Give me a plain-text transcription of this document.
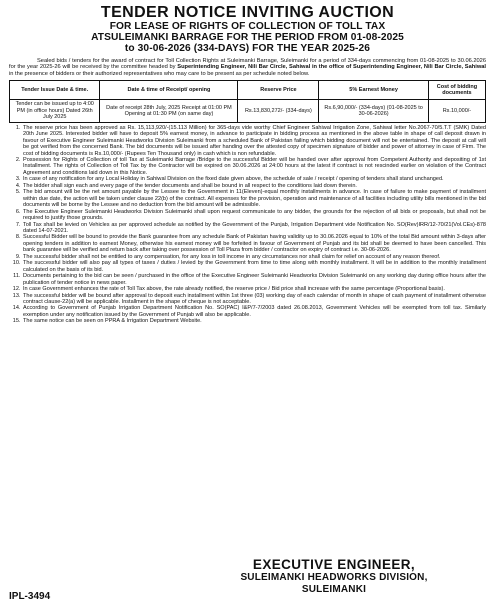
TENDER NOTICE INVITING AUCTION
FOR LEASE OF RIGHTS OF COLLECTION OF TOLL TAX
ATSULEIMANKI BARRAGE FOR THE PERIOD FROM 01-08-2025
to 30-06-2026 (334-DAYS) FOR THE YEAR 2025-26
Sealed bids / tenders for the award of contract for Toll Collection Rights at Suleimanki Barrage, Suleimanki for a period of 334-days commencing from 01-08-2025 to 30.06.2026 for the year 2025-26 will be received by the committee headed by Superintending Engineer, Nili Bar Circle, Sahiwal in the office of Superintending Engineer, Nili Bar Circle, Sahiwal in the presence of bidders or their authorized representatives who may care to be present as per schedule noted below.
Tender Issue Date & time.	Date & time of Receipt/ opening	Reserve Price	5% Earnest Money	Cost of bidding documents
Tender can be issued up to 4:00 PM (in office hours) Dated 26th July 2025	Date of receipt 28th July, 2025 Receipt at 01:00 PM Opening at 01:30 PM (on same day)	Rs.13,830,272/- (334-days)	Rs.6,90,000/- (334-days) (01-08-2025 to 30-06-2026)	Rs.10,000/-
1. The reserve price has been approved as Rs. 15,113,920/-(15.113 Million) for 365-days vide worthy Chief Engineer Sahiwal Irrigation Zone, Sahiwal letter No.2067-70/5.T.T (SMK) Dated 20th June 2025. Interested bidder will have to deposit 5% earnest money, in advance to participate in bidding process as mentioned in the above table in shape of call deposit drawn in favour of Executive Engineer Suleimanki Headworks Division Suleimanki from a scheduled Bank of Pakistan failing which bidding document will not be entertained. The deposit at call will be got verified from the concerned Bank. The bid documents will be issued after handing over the attested copy of specimen signature of bidder and power of attorney in case of Firm. The cost of bidding documents is Rs.10,000/- (Rupees Ten Thousand only) in cash which is non refundable.
2. Possession for Rights of Collection of toll Tax at Suleimanki Barrage /Bridge to the successful Bidder will be handed over after approval from Competent Authority and depositing of 1st Installment. The rights of Collection of Toll Tax by the Contractor will be expired on 30.06.2026 at 24:00 hours at the latest if contract is not rescinded earlier on violation of the Contract Agreement and conditions laid down in this Notice.
3. In case of any notification for any Local Holiday in Sahiwal Division on the fixed date given above, the schedule of sale / receipt / opening of tenders shall stand unchanged.
4. The bidder shall sign each and every page of the tender documents and shall be bound in all respect to the conditions laid down therein.
5. The bid amount will be the net amount payable by the Lessee to the Government in 11(Eleven)-equal monthly installments in advance. In case of failure to make payment of installment within due date, the action will be taken under clause 22(b) of the contract. All expenses for the provision, operation and maintenance of all facilities including utility bills mentioned in the bid documents will be borne by the Lessee and no deduction from the bid amount will be admissible.
6. The Executive Engineer Suleimanki Headworks Division Suleimanki shall upon request communicate to any bidder, the grounds for the rejection of all bids or proposals, but shall not be required to justify those grounds.
7. Toll Tax shall be levied on Vehicles as per approved schedule as notified by the Government of the Punjab, Irrigation Department vide Notification No. SO(Rev)IRR/12-70/21(Vol.CEs)-878 dated 14-07-2021.
8. Successful Bidder will be bound to provide the Bank guarantee from any schedule Bank of Pakistan having validity up to 30.06.2026 equal to 10% of the total Bid amount within 3-days after opening tenders in addition to earnest Money, otherwise his earnest money will be forfeited in favour of Government of Punjab and its bid shall be deemed to have been cancelled. This bank guarantee will be verified and return back after taking over possession of Toll Plaza from bidder / contractor on expiry of contract i.e. 30-06-2026.
9. The successful bidder shall not be entitled to any compensation, for any loss in toll income in any circumstances nor shall claim for relief on account of any reason thereof.
10. The successful bidder will also pay all types of taxes / duties / levied by the Government from time to time along with monthly installment. It will be in addition to the monthly installment calculated on the basis of its bid.
11. Documents pertaining to the bid can be seen / purchased in the office of the Executive Engineer Suleimanki Headworks Division Suleimanki on any working day during office hours after the publication of tender notice in news paper.
12. In case Government enhances the rate of Toll Tax above, the rate already notified, the reserve price / Bid price shall increase with the same percentage (Proportional basis).
13. The successful bidder will be bound after approval to deposit each installment within 1st three (03) working day of each calendar of month in shape of cash payment of installment otherwise contract clause-22(a) will be applicable. Installment in the shape of cheque is not acceptable.
14. According to Government of Punjab Irrigation Department Notification No. SO(PAC) I&P/7-7/2003 dated 26.08.2013, Government Vehicles will be exempted from toll tax. Similarly exemption under any notification issued by the Government of Punjab will also be applicable.
15. The same notice can be seen on PPRA & Irrigation Department Website.
IPL-3494
EXECUTIVE ENGINEER,
SULEIMANKI HEADWORKS DIVISION,
SULEIMANKI
